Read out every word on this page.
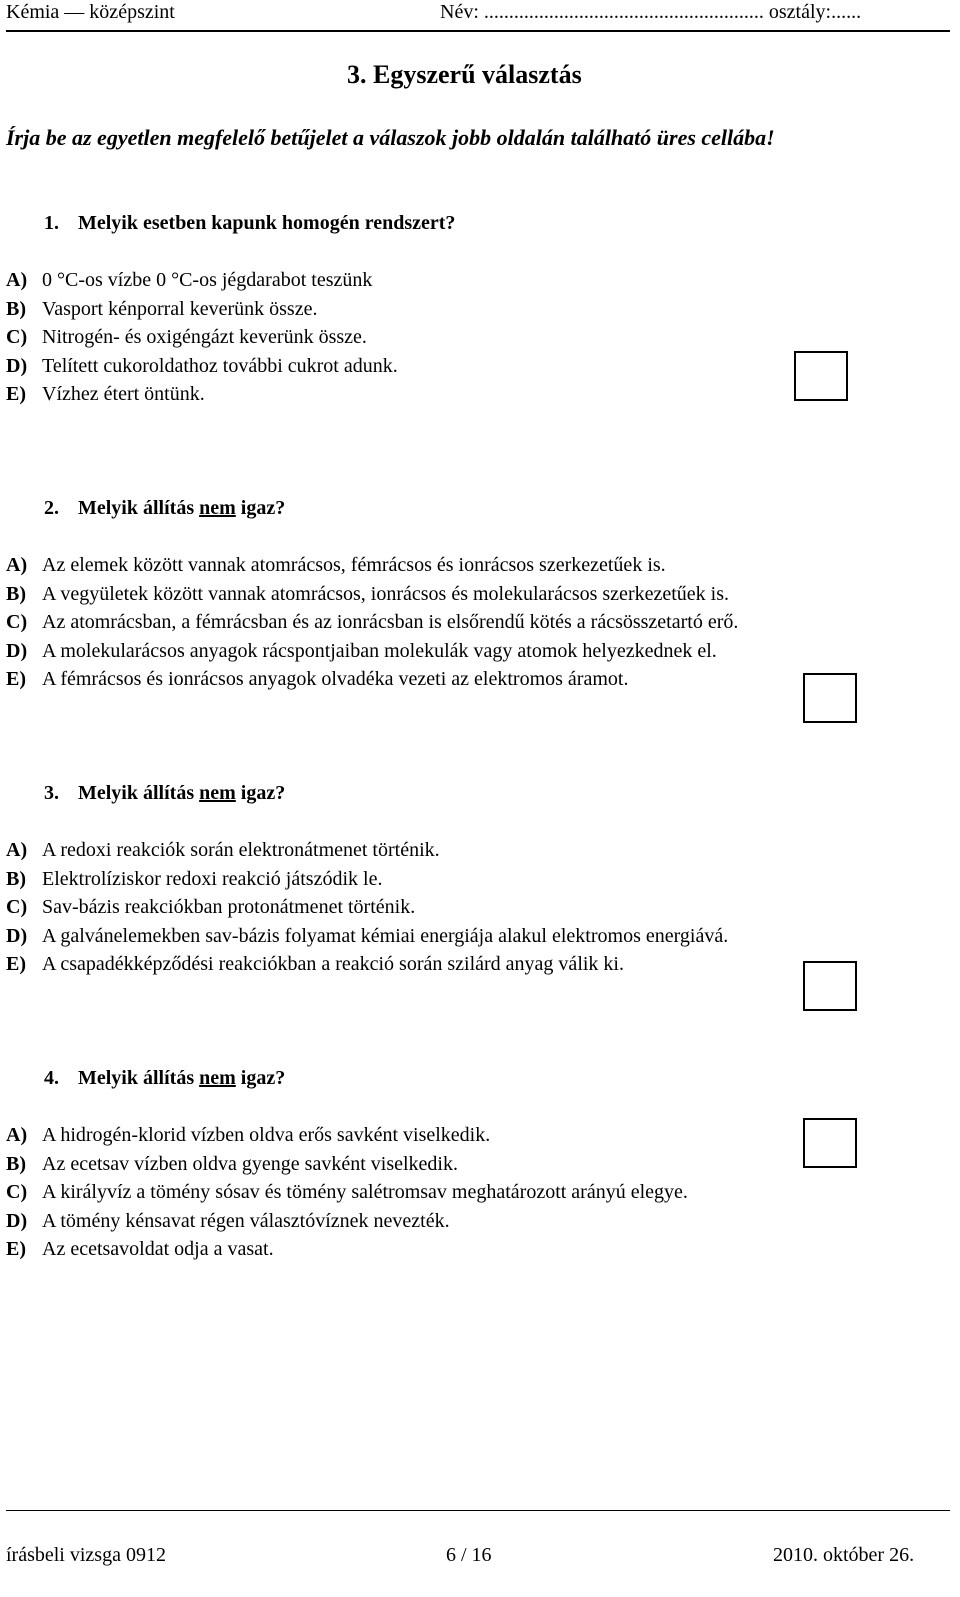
Kémia — középszint	Név: ........................................................ osztály:......
3. Egyszerű választás
Írja be az egyetlen megfelelő betűjelet a válaszok jobb oldalán található üres cellába!
1. Melyik esetben kapunk homogén rendszert?
A) 0 °C-os vízbe 0 °C-os jégdarabot teszünk
B) Vasport kénporral keverünk össze.
C) Nitrogén- és oxigéngázt keverünk össze.
D) Telített cukoroldathoz további cukrot adunk.
E) Vízhez étert öntünk.
2. Melyik állítás nem igaz?
A) Az elemek között vannak atomrácsos, fémrácsos és ionrácsos szerkezetűek is.
B) A vegyületek között vannak atomrácsos, ionrácsos és molekularácsos szerkezetűek is.
C) Az atomrácsban, a fémrácsban és az ionrácsban is elsőrendű kötés a rácsösszetartó erő.
D) A molekularácsos anyagok rácspontjaiban molekulák vagy atomok helyezkednek el.
E) A fémrácsos és ionrácsos anyagok olvadéka vezeti az elektromos áramot.
3. Melyik állítás nem igaz?
A) A redoxi reakciók során elektronátmenet történik.
B) Elektrolíziskor redoxi reakció játszódik le.
C) Sav-bázis reakciókban protonátmenet történik.
D) A galvánelemekben sav-bázis folyamat kémiai energiája alakul elektromos energiává.
E) A csapadékképződési reakciókban a reakció során szilárd anyag válik ki.
4. Melyik állítás nem igaz?
A) A hidrogén-klorid vízben oldva erős savként viselkedik.
B) Az ecetsav vízben oldva gyenge savként viselkedik.
C) A királyvíz a tömény sósav és tömény salétromsav meghatározott arányú elegye.
D) A tömény kénsavat régen választóvíznek nevezték.
E) Az ecetsavoldat odja a vasat.
írásbeli vizsga 0912	6 / 16	2010. október 26.
